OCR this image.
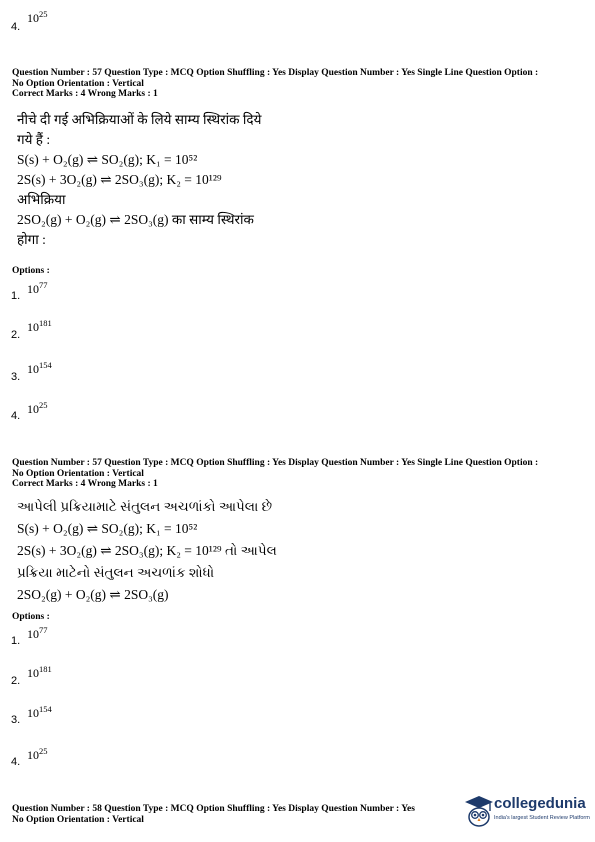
4.
$10^{25}$
Question Number : 57 Question Type : MCQ Option Shuffling : Yes Display Question Number : Yes Single Line Question Option :
No Option Orientation : Vertical
Correct Marks : 4 Wrong Marks : 1
नीचे दी गई अभिक्रियाओं के लिये साम्य स्थिरांक दिये
गये हैं :
S(s) + O₂(g) ⇌ SO₂(g); K₁ = 10⁵²
2S(s) + 3O₂(g) ⇌ 2SO₃(g); K₂ = 10¹²⁹
अभिक्रिया
2SO₂(g) + O₂(g) ⇌ 2SO₃(g) का साम्य स्थिरांक
होगा :
Options :
1. $10^{77}$
2.
$10^{181}$
3.
$10^{154}$
4. $10^{25}$
Question Number : 57 Question Type : MCQ Option Shuffling : Yes Display Question Number : Yes Single Line Question Option :
No Option Orientation : Vertical
Correct Marks : 4 Wrong Marks : 1
આપેલી પ્રક્રિયામાટે સંતુલન અચળાંકો આપેલા છે
S(s) + O₂(g) ⇌ SO₂(g); K₁ = 10⁵²
2S(s) + 3O₂(g) ⇌ 2SO₃(g); K₂ = 10¹²⁹ તો આપેલ
પ્રક્રિયા માટેનો સંતુલન અચળાંક શોધો
2SO₂(g) + O₂(g) ⇌ 2SO₃(g)
Options :
1. $10^{77}$
2.
$10^{181}$
3. $10^{154}$
4. $10^{25}$
Question Number : 58 Question Type : MCQ Option Shuffling : Yes Display Question Number : Yes
No Option Orientation : Vertical
collegedunia
India's largest Student Review Platform
